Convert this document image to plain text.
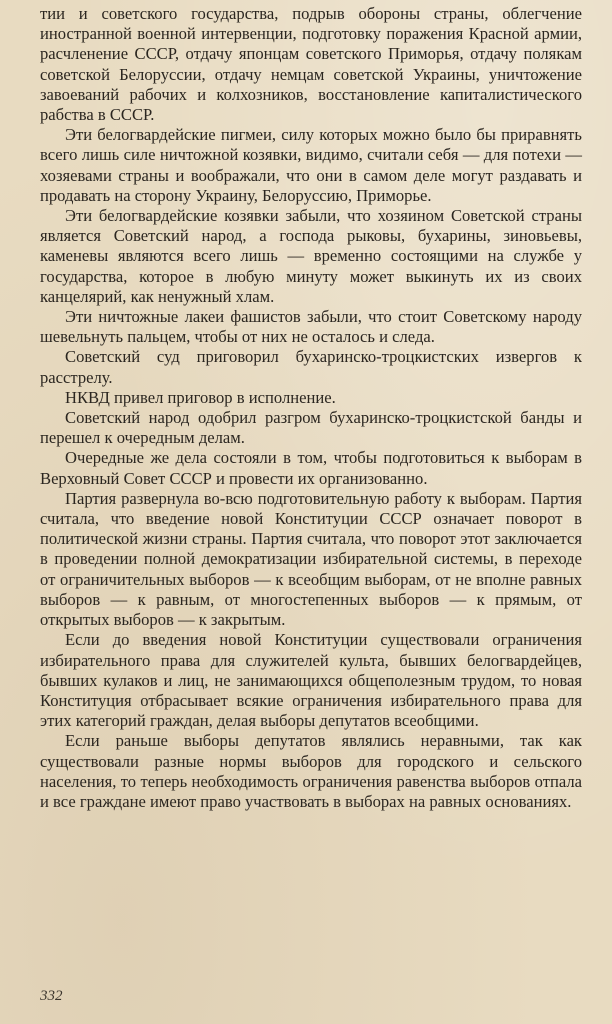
тии и советского государства, подрыв обороны страны, облегчение иностранной военной интервенции, подготовку поражения Красной армии, расчленение СССР, отдачу японцам советского Приморья, отдачу полякам советской Белоруссии, отдачу немцам советской Украины, уничтожение завоеваний рабочих и колхозников, восстановление капиталистического рабства в СССР.

Эти белогвардейские пигмеи, силу которых можно было бы приравнять всего лишь силе ничтожной козявки, видимо, считали себя — для потехи — хозяевами страны и воображали, что они в самом деле могут раздавать и продавать на сторону Украину, Белоруссию, Приморье.

Эти белогвардейские козявки забыли, что хозяином Советской страны является Советский народ, а господа рыковы, бухарины, зиновьевы, каменевы являются всего лишь — временно состоящими на службе у государства, которое в любую минуту может выкинуть их из своих канцелярий, как ненужный хлам.

Эти ничтожные лакеи фашистов забыли, что стоит Советскому народу шевельнуть пальцем, чтобы от них не осталось и следа.

Советский суд приговорил бухаринско-троцкистских извергов к расстрелу.

НКВД привел приговор в исполнение.

Советский народ одобрил разгром бухаринско-троцкистской банды и перешел к очередным делам.

Очередные же дела состояли в том, чтобы подготовиться к выборам в Верховный Совет СССР и провести их организованно.

Партия развернула во-всю подготовительную работу к выборам. Партия считала, что введение новой Конституции СССР означает поворот в политической жизни страны. Партия считала, что поворот этот заключается в проведении полной демократизации избирательной системы, в переходе от ограничительных выборов — к всеобщим выборам, от не вполне равных выборов — к равным, от многостепенных выборов — к прямым, от открытых выборов — к закрытым.

Если до введения новой Конституции существовали ограничения избирательного права для служителей культа, бывших белогвардейцев, бывших кулаков и лиц, не занимающихся общеполезным трудом, то новая Конституция отбрасывает всякие ограничения избирательного права для этих категорий граждан, делая выборы депутатов всеобщими.

Если раньше выборы депутатов являлись неравными, так как существовали разные нормы выборов для городского и сельского населения, то теперь необходимость ограничения равенства выборов отпала и все граждане имеют право участвовать в выборах на равных основаниях.

332
